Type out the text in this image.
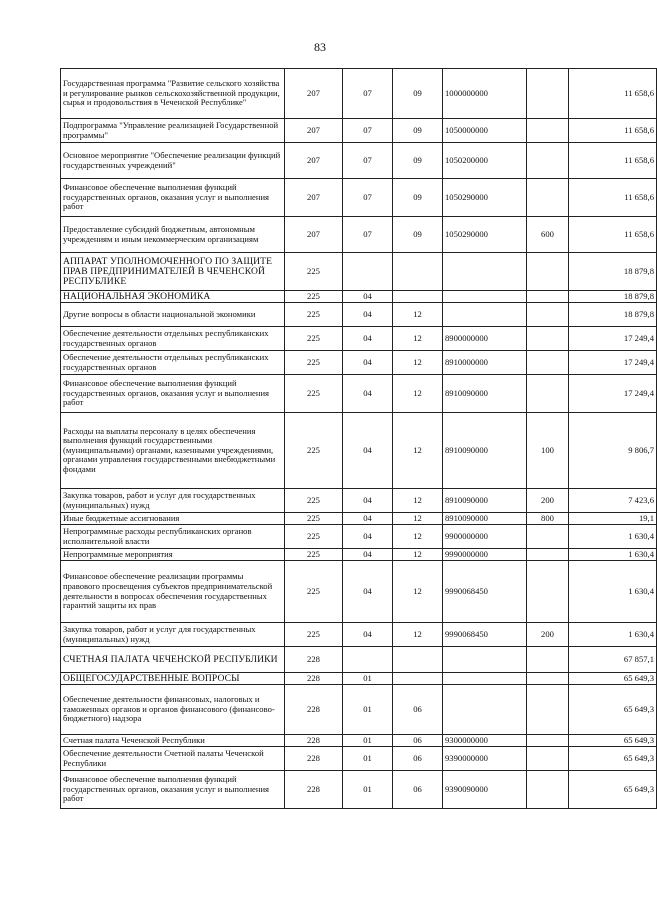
83
Государственная программа "Развитие сельского хозяйства и регулирование рынков сельскохозяйственной продукции, сырья и продовольствия в Чеченской Республике"	207	07	09	1000000000		11 658,6
Подпрограмма "Управление реализацией Государственной программы"	207	07	09	1050000000		11 658,6
Основное мероприятие "Обеспечение реализации функций государственных учреждений"	207	07	09	1050200000		11 658,6
Финансовое обеспечение выполнения функций государственных органов, оказания услуг и выполнения работ	207	07	09	1050290000		11 658,6
Предоставление субсидий бюджетным, автономным учреждениям и иным некоммерческим организациям	207	07	09	1050290000	600	11 658,6
АППАРАТ УПОЛНОМОЧЕННОГО ПО ЗАЩИТЕ ПРАВ ПРЕДПРИНИМАТЕЛЕЙ В ЧЕЧЕНСКОЙ РЕСПУБЛИКЕ	225					18 879,8
НАЦИОНАЛЬНАЯ ЭКОНОМИКА	225	04				18 879,8
Другие вопросы в области национальной экономики	225	04	12			18 879,8
Обеспечение деятельности отдельных республиканских государственных органов	225	04	12	8900000000		17 249,4
Обеспечение деятельности отдельных республиканских государственных органов	225	04	12	8910000000		17 249,4
Финансовое обеспечение выполнения функций государственных органов, оказания услуг и выполнения работ	225	04	12	8910090000		17 249,4
Расходы на выплаты персоналу в целях обеспечения выполнения функций государственными (муниципальными) органами, казенными учреждениями, органами управления государственными внебюджетными фондами	225	04	12	8910090000	100	9 806,7
Закупка товаров, работ и услуг для государственных (муниципальных) нужд	225	04	12	8910090000	200	7 423,6
Иные бюджетные ассигнования	225	04	12	8910090000	800	19,1
Непрограммные расходы республиканских органов исполнительной власти	225	04	12	9900000000		1 630,4
Непрограммные мероприятия	225	04	12	9990000000		1 630,4
Финансовое обеспечение реализации программы правового просвещения субъектов предпринимательской деятельности в вопросах обеспечения государственных гарантий защиты их прав	225	04	12	9990068450		1 630,4
Закупка товаров, работ и услуг для государственных (муниципальных) нужд	225	04	12	9990068450	200	1 630,4
СЧЕТНАЯ ПАЛАТА ЧЕЧЕНСКОЙ РЕСПУБЛИКИ	228					67 857,1
ОБЩЕГОСУДАРСТВЕННЫЕ ВОПРОСЫ	228	01				65 649,3
Обеспечение деятельности финансовых, налоговых и таможенных органов и органов финансового (финансово-бюджетного) надзора	228	01	06			65 649,3
Счетная палата Чеченской Республики	228	01	06	9300000000		65 649,3
Обеспечение деятельности Счетной палаты Чеченской Республики	228	01	06	9390000000		65 649,3
Финансовое обеспечение выполнения функций государственных органов, оказания услуг и выполнения работ	228	01	06	9390090000		65 649,3
